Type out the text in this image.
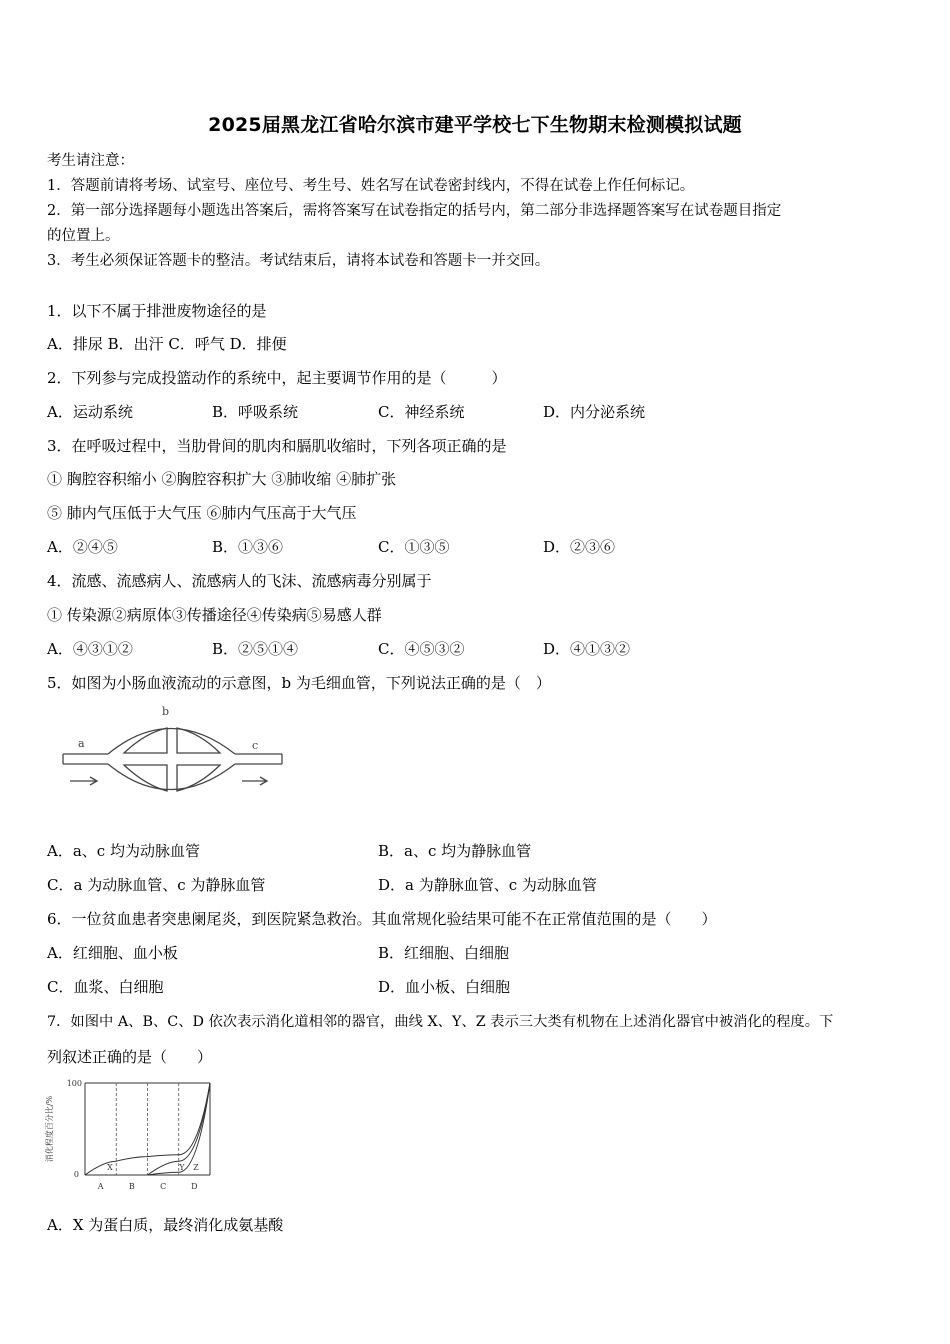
2025届黑龙江省哈尔滨市建平学校七下生物期末检测模拟试题
考生请注意：
1．答题前请将考场、试室号、座位号、考生号、姓名写在试卷密封线内，不得在试卷上作任何标记。
2．第一部分选择题每小题选出答案后，需将答案写在试卷指定的括号内，第二部分非选择题答案写在试卷题目指定
的位置上。
3．考生必须保证答题卡的整洁。考试结束后，请将本试卷和答题卡一并交回。
1．以下不属于排泄废物途径的是
A．排尿 B．出汗 C．呼气 D．排便
2．下列参与完成投篮动作的系统中，起主要调节作用的是（　　　）
A．运动系统	B．呼吸系统	C．神经系统	D．内分泌系统
3．在呼吸过程中，当肋骨间的肌肉和膈肌收缩时，下列各项正确的是
① 胸腔容积缩小 ②胸腔容积扩大 ③肺收缩 ④肺扩张
⑤ 肺内气压低于大气压 ⑥肺内气压高于大气压
A．②④⑤	B．①③⑥	C．①③⑤	D．②③⑥
4．流感、流感病人、流感病人的飞沫、流感病毒分别属于
① 传染源②病原体③传播途径④传染病⑤易感人群
A．④③①②	B．②⑤①④	C．④⑤③②	D．④①③②
5．如图为小肠血液流动的示意图，b 为毛细血管，下列说法正确的是（　）
a
b
c
A．a、c 均为动脉血管	B．a、c 均为静脉血管
C．a 为动脉血管、c 为静脉血管	D．a 为静脉血管、c 为动脉血管
6．一位贫血患者突患阑尾炎，到医院紧急救治。其血常规化验结果可能不在正常值范围的是（　　）
A．红细胞、血小板	B．红细胞、白细胞
C．血浆、白细胞	D．血小板、白细胞
7．如图中 A、B、C、D 依次表示消化道相邻的器官，曲线 X、Y、Z 表示三大类有机物在上述消化器官中被消化的程度。下
列叙述正确的是（　　）
0
100
消化程度百分比/%
A	B	C	D
X	Y Z
A．X 为蛋白质，最终消化成氨基酸
